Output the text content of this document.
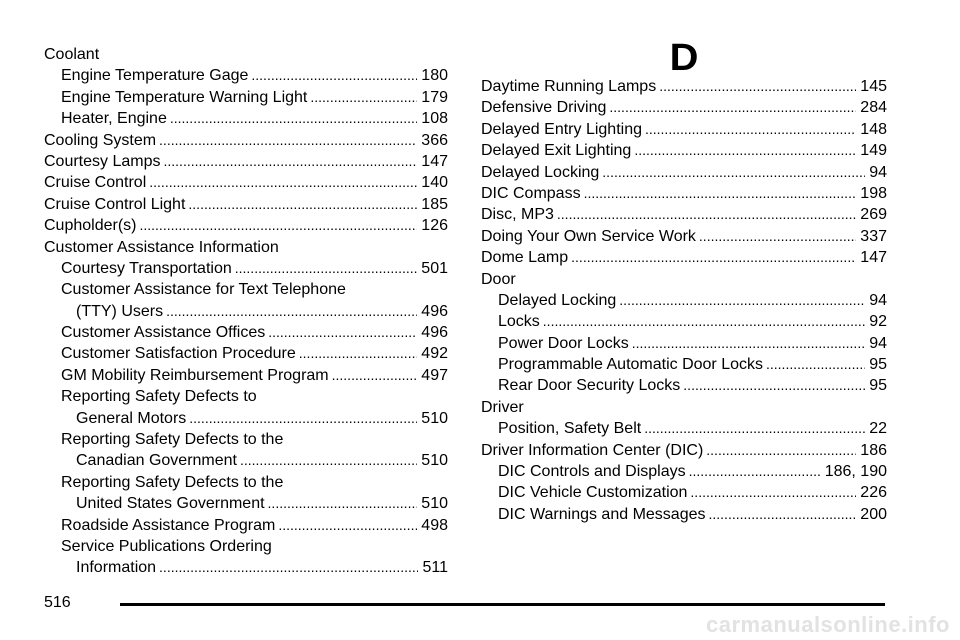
Coolant
Engine Temperature Gage .....	180
Engine Temperature Warning Light .....	179
Heater, Engine .....	108
Cooling System .....	366
Courtesy Lamps .....	147
Cruise Control .....	140
Cruise Control Light .....	185
Cupholder(s) .....	126
Customer Assistance Information
Courtesy Transportation .....	501
Customer Assistance for Text Telephone
(TTY) Users .....	496
Customer Assistance Offices .....	496
Customer Satisfaction Procedure .....	492
GM Mobility Reimbursement Program .....	497
Reporting Safety Defects to
General Motors .....	510
Reporting Safety Defects to the
Canadian Government .....	510
Reporting Safety Defects to the
United States Government .....	510
Roadside Assistance Program .....	498
Service Publications Ordering
Information .....	511
D
Daytime Running Lamps .....	145
Defensive Driving .....	284
Delayed Entry Lighting .....	148
Delayed Exit Lighting .....	149
Delayed Locking .....	94
DIC Compass .....	198
Disc, MP3 .....	269
Doing Your Own Service Work .....	337
Dome Lamp .....	147
Door
Delayed Locking .....	94
Locks .....	92
Power Door Locks .....	94
Programmable Automatic Door Locks .....	95
Rear Door Security Locks .....	95
Driver
Position, Safety Belt .....	22
Driver Information Center (DIC) .....	186
DIC Controls and Displays .....	186, 190
DIC Vehicle Customization .....	226
DIC Warnings and Messages .....	200
516
carmanualsonline.info
